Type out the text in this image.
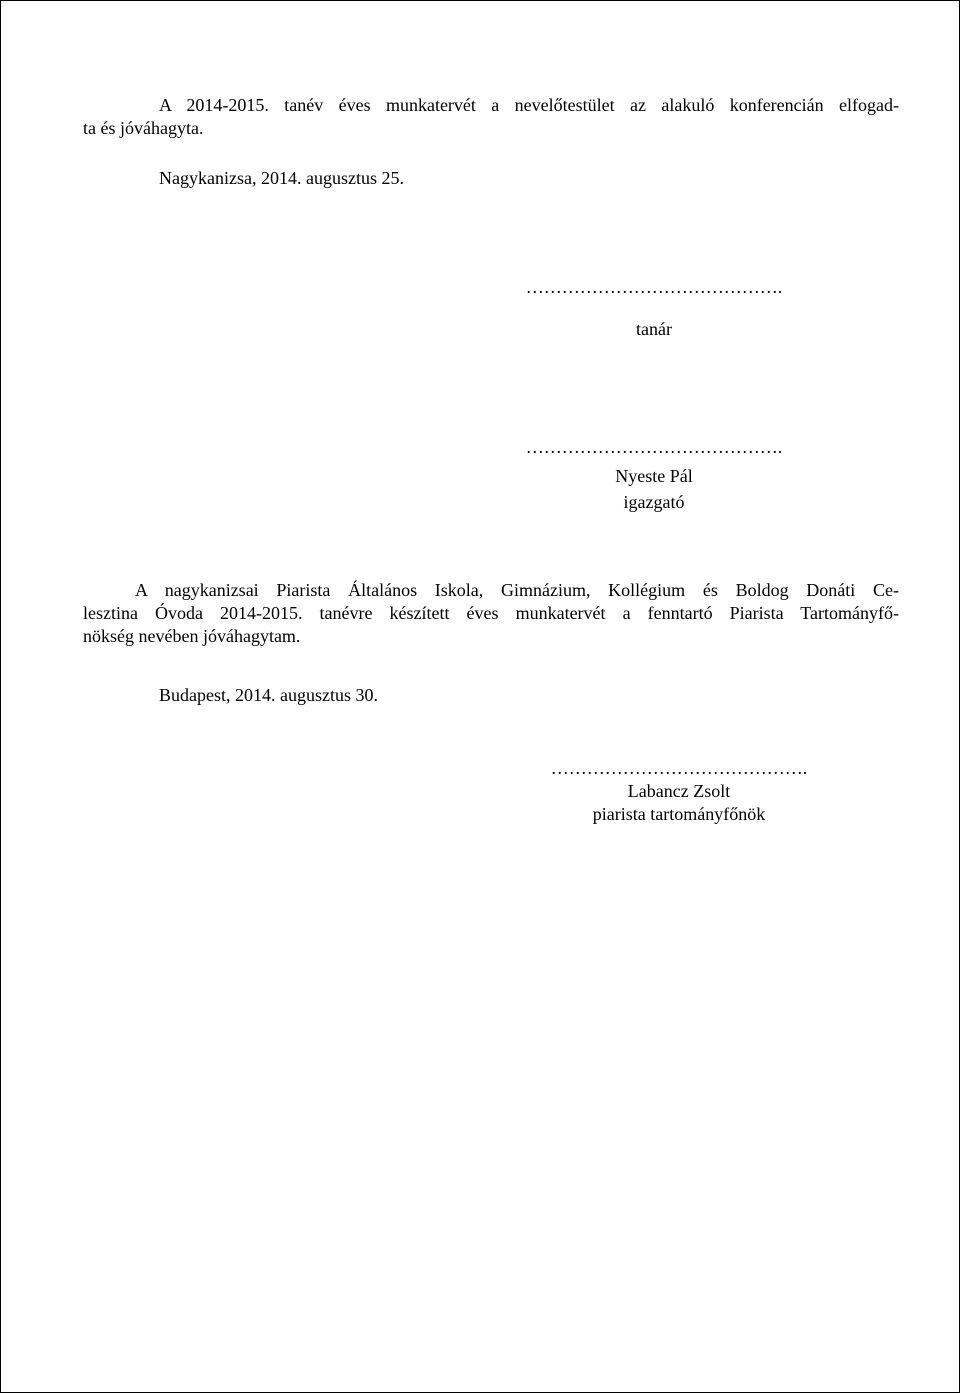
A 2014-2015. tanév éves munkatervét a nevelőtestület az alakuló konferencián elfogad-
ta és jóváhagyta.
Nagykanizsa, 2014. augusztus 25.
…………………………………….
tanár
…………………………………….
Nyeste Pál
igazgató
A nagykanizsai Piarista Általános Iskola, Gimnázium, Kollégium és Boldog Donáti Ce-
lesztina Óvoda 2014-2015. tanévre készített éves munkatervét a fenntartó Piarista Tartományfő-
nökség nevében jóváhagytam.
Budapest, 2014. augusztus 30.
…………………………………….
Labancz Zsolt
piarista tartományfőnök
